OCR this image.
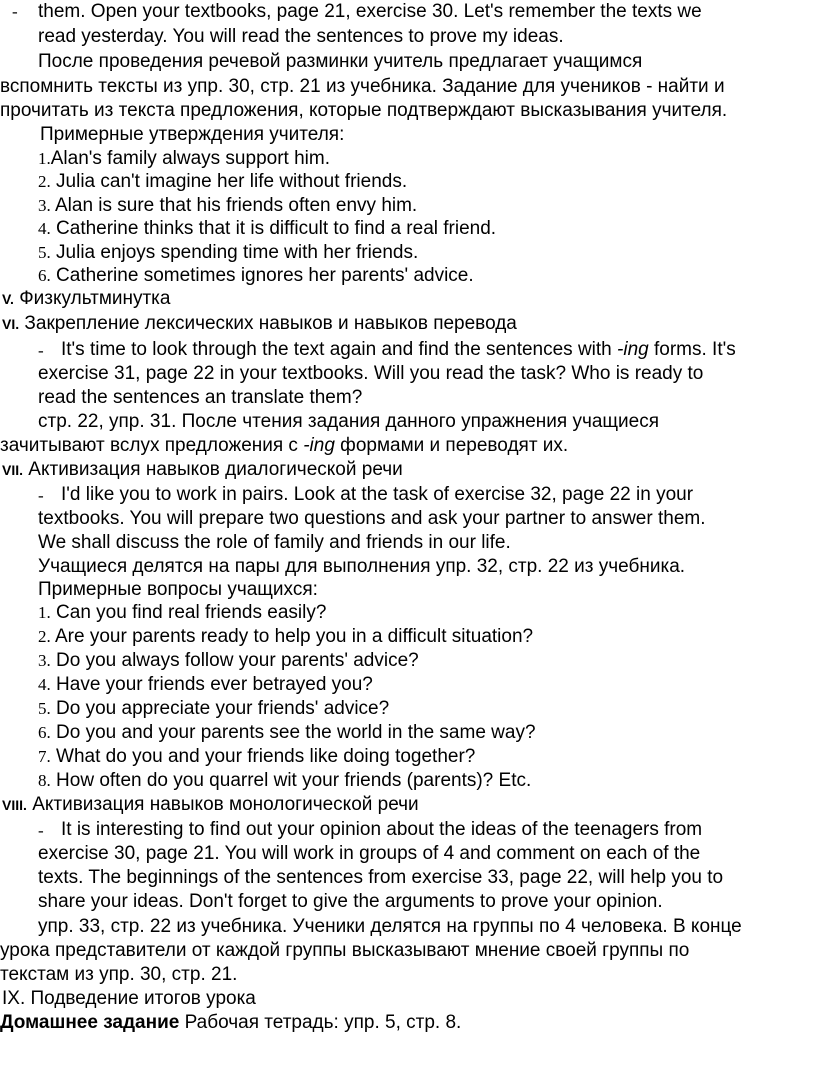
- them. Open your textbooks, page 21, exercise 30. Let's remember the texts we
read yesterday. You will read the sentences to prove my ideas.
После проведения речевой разминки учитель предлагает учащимся
вспомнить тексты из упр. 30, стр. 21 из учебника. Задание для учеников - найти и
прочитать из текста предложения, которые подтверждают высказывания учителя.
Примерные утверждения учителя:
1.Alan's family always support him.
2. Julia can't imagine her life without friends.
3. Alan is sure that his friends often envy him.
4. Catherine thinks that it is difficult to find a real friend.
5. Julia enjoys spending time with her friends.
6. Catherine sometimes ignores her parents' advice.
V. Физкультминутка
VI. Закрепление лексических навыков и навыков перевода
- It's time to look through the text again and find the sentences with -ing forms. It's
exercise 31, page 22 in your textbooks. Will you read the task? Who is ready to
read the sentences an translate them?
стр. 22, упр. 31. После чтения задания данного упражнения учащиеся
зачитывают вслух предложения с -ing формами и переводят их.
VII. Активизация навыков диалогической речи
- I'd like you to work in pairs. Look at the task of exercise 32, page 22 in your
textbooks. You will prepare two questions and ask your partner to answer them.
We shall discuss the role of family and friends in our life.
Учащиеся делятся на пары для выполнения упр. 32, стр. 22 из учебника.
Примерные вопросы учащихся:
1. Can you find real friends easily?
2. Are your parents ready to help you in a difficult situation?
3. Do you always follow your parents' advice?
4. Have your friends ever betrayed you?
5. Do you appreciate your friends' advice?
6. Do you and your parents see the world in the same way?
7. What do you and your friends like doing together?
8. How often do you quarrel wit your friends (parents)? Etc.
VIII. Активизация навыков монологической речи
- It is interesting to find out your opinion about the ideas of the teenagers from
exercise 30, page 21. You will work in groups of 4 and comment on each of the
texts. The beginnings of the sentences from exercise 33, page 22, will help you to
share your ideas. Don't forget to give the arguments to prove your opinion.
упр. 33, стр. 22 из учебника. Ученики делятся на группы по 4 человека. В конце
урока представители от каждой группы высказывают мнение своей группы по
текстам из упр. 30, стр. 21.
IX. Подведение итогов урока
Домашнее задание Рабочая тетрадь: упр. 5, стр. 8.
